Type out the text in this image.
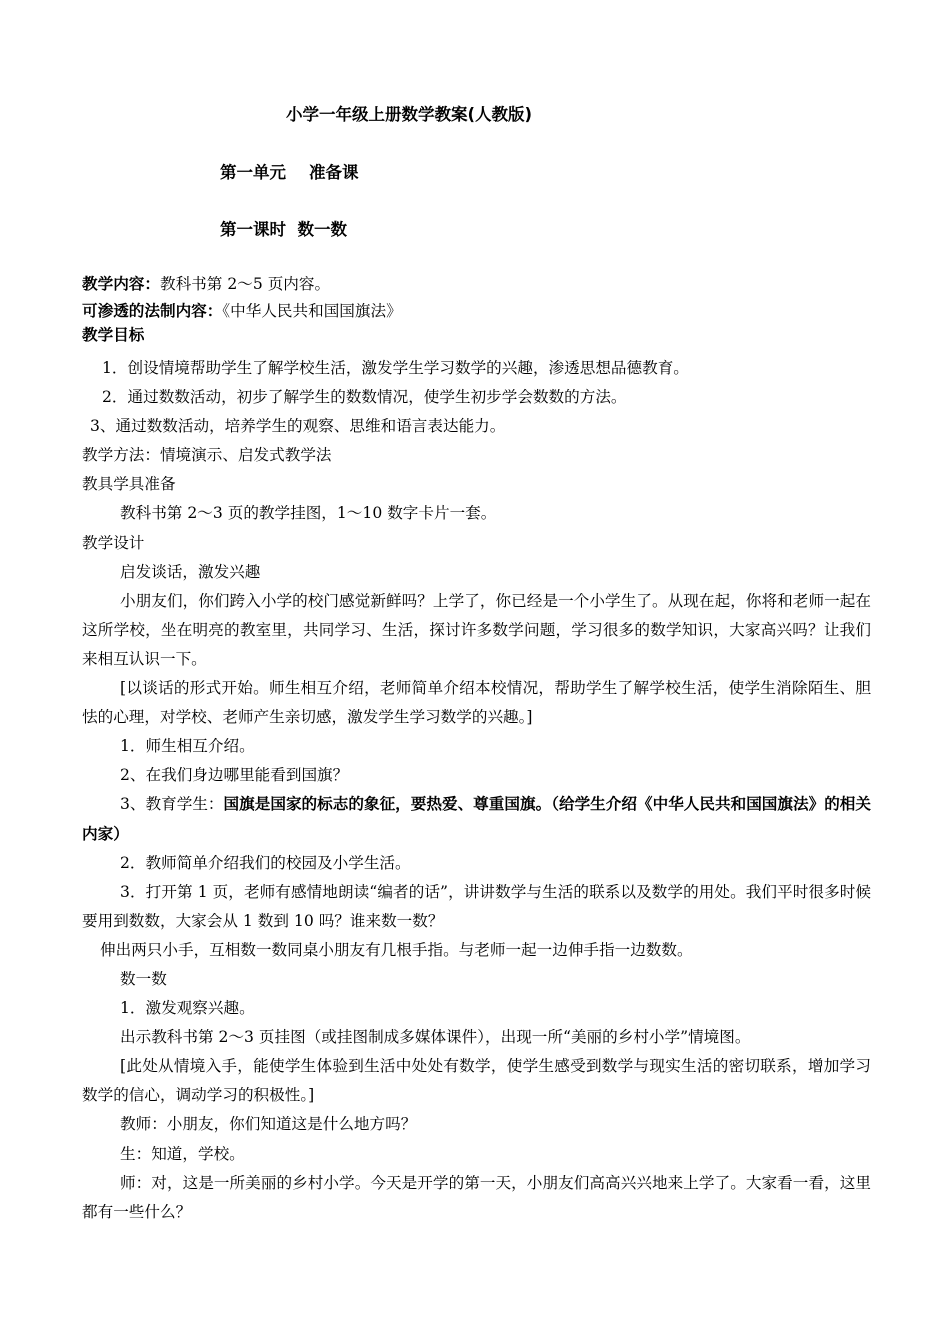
小学一年级上册数学教案(人教版)
第一单元    准备课
第一课时  数一数
教学内容：教科书第 2～5 页内容。
可渗透的法制内容：《中华人民共和国国旗法》
教学目标
1．创设情境帮助学生了解学校生活，激发学生学习数学的兴趣，渗透思想品德教育。
2．通过数数活动，初步了解学生的数数情况，使学生初步学会数数的方法。
3、通过数数活动，培养学生的观察、思维和语言表达能力。
教学方法：情境演示、启发式教学法
教具学具准备
教科书第 2～3 页的教学挂图，1～10 数字卡片一套。
教学设计
启发谈话，激发兴趣
小朋友们，你们跨入小学的校门感觉新鲜吗？上学了，你已经是一个小学生了。从现在起，你将和老师一起在这所学校，坐在明亮的教室里，共同学习、生活，探讨许多数学问题，学习很多的数学知识，大家高兴吗？让我们来相互认识一下。
[以谈话的形式开始。师生相互介绍，老师简单介绍本校情况，帮助学生了解学校生活，使学生消除陌生、胆怯的心理，对学校、老师产生亲切感，激发学生学习数学的兴趣。]
1．师生相互介绍。
2、在我们身边哪里能看到国旗？
3、教育学生：国旗是国家的标志的象征，要热爱、尊重国旗。（给学生介绍《中华人民共和国国旗法》的相关内家）
2．教师简单介绍我们的校园及小学生活。
3．打开第 1 页，老师有感情地朗读“编者的话”，讲讲数学与生活的联系以及数学的用处。我们平时很多时候要用到数数，大家会从 1 数到 10 吗？谁来数一数？
伸出两只小手，互相数一数同桌小朋友有几根手指。与老师一起一边伸手指一边数数。
数一数
1．激发观察兴趣。
出示教科书第 2～3 页挂图（或挂图制成多媒体课件），出现一所“美丽的乡村小学”情境图。
[此处从情境入手，能使学生体验到生活中处处有数学，使学生感受到数学与现实生活的密切联系，增加学习数学的信心，调动学习的积极性。]
教师：小朋友，你们知道这是什么地方吗？
生：知道，学校。
师：对，这是一所美丽的乡村小学。今天是开学的第一天，小朋友们高高兴兴地来上学了。大家看一看，这里都有一些什么？
